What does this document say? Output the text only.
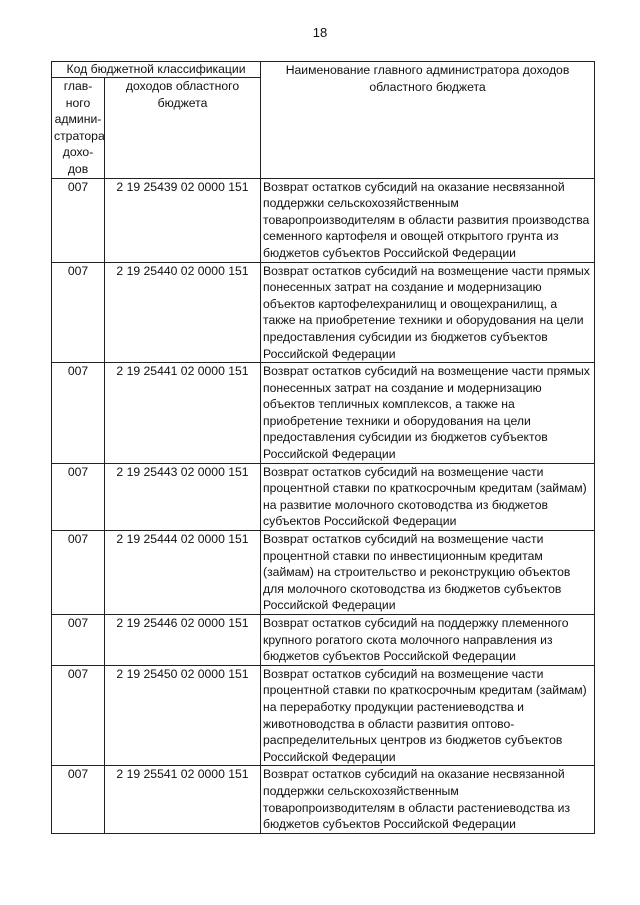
18
Код бюджетной классификации		Наименование главного администратора доходов областного бюджета
глав-ного админи-стратора дохо-дов	доходов областного бюджета	
007	2 19 25439 02 0000 151	Возврат остатков субсидий на оказание несвязанной поддержки сельскохозяйственным товаропроизводителям в области развития производства семенного картофеля и овощей открытого грунта из бюджетов субъектов Российской Федерации
007	2 19 25440 02 0000 151	Возврат остатков субсидий на возмещение части прямых понесенных затрат на создание и модернизацию объектов картофелехранилищ и овощехранилищ, а также на приобретение техники и оборудования на цели предоставления субсидии из бюджетов субъектов Российской Федерации
007	2 19 25441 02 0000 151	Возврат остатков субсидий на возмещение части прямых понесенных затрат на создание и модернизацию объектов тепличных комплексов, а также на приобретение техники и оборудования на цели предоставления субсидии из бюджетов субъектов Российской Федерации
007	2 19 25443 02 0000 151	Возврат остатков субсидий на возмещение части процентной ставки по краткосрочным кредитам (займам) на развитие молочного скотоводства из бюджетов субъектов Российской Федерации
007	2 19 25444 02 0000 151	Возврат остатков субсидий на возмещение части процентной ставки по инвестиционным кредитам (займам) на строительство и реконструкцию объектов для молочного скотоводства из бюджетов субъектов Российской Федерации
007	2 19 25446 02 0000 151	Возврат остатков субсидий на поддержку племенного крупного рогатого скота молочного направления из бюджетов субъектов Российской Федерации
007	2 19 25450 02 0000 151	Возврат остатков субсидий на возмещение части процентной ставки по краткосрочным кредитам (займам) на переработку продукции растениеводства и животноводства в области развития оптово-распределительных центров из бюджетов субъектов Российской Федерации
007	2 19 25541 02 0000 151	Возврат остатков субсидий на оказание несвязанной поддержки сельскохозяйственным товаропроизводителям в области растениеводства из бюджетов субъектов Российской Федерации
